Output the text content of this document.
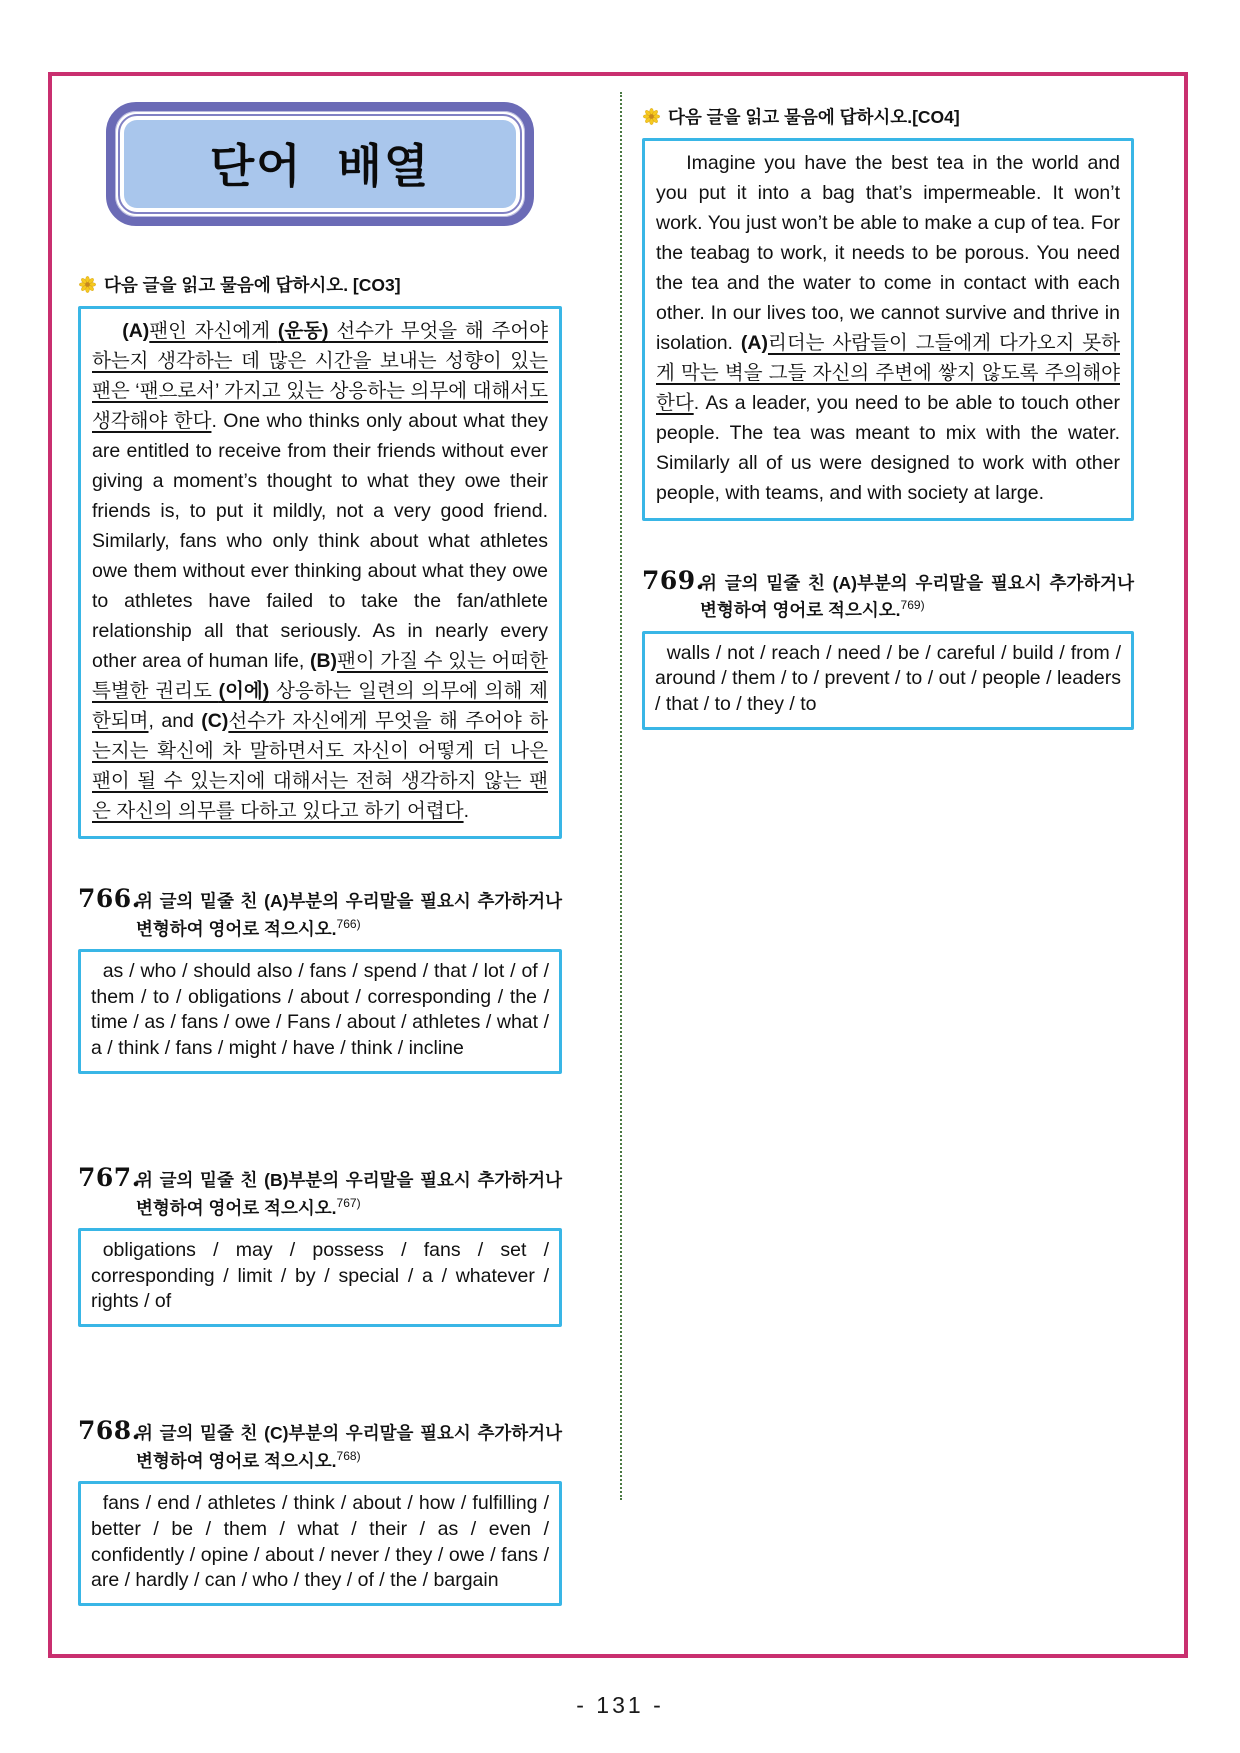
단어 배열
다음 글을 읽고 물음에 답하시오. [CO3]

(A)팬인 자신에게 (운동) 선수가 무엇을 해 주어야 하는지 생각하는 데 많은 시간을 보내는 성향이 있는 팬은 ‘팬으로서’ 가지고 있는 상응하는 의무에 대해서도 생각해야 한다. One who thinks only about what they are entitled to receive from their friends without ever giving a moment’s thought to what they owe their friends is, to put it mildly, not a very good friend. Similarly, fans who only think about what athletes owe them without ever thinking about what they owe to athletes have failed to take the fan/athlete relationship all that seriously. As in nearly every other area of human life, (B)팬이 가질 수 있는 어떠한 특별한 권리도 (이에) 상응하는 일련의 의무에 의해 제한되며, and (C)선수가 자신에게 무엇을 해 주어야 하는지는 확신에 차 말하면서도 자신이 어떻게 더 나은 팬이 될 수 있는지에 대해서는 전혀 생각하지 않는 팬은 자신의 의무를 다하고 있다고 하기 어렵다.

766.
위 글의 밑줄 친 (A)부분의 우리말을 필요시 추가하거나 변형하여 영어로 적으시오.$^{766)}$

as / who / should also / fans / spend / that / lot / of / them / to / obligations / about / corresponding / the / time / as / fans / owe / Fans / about / athletes / what / a / think / fans / might / have / think / incline

767.
위 글의 밑줄 친 (B)부분의 우리말을 필요시 추가하거나 변형하여 영어로 적으시오.$^{767)}$

obligations / may / possess / fans / set / corresponding / limit / by / special / a / whatever / rights / of

768.
위 글의 밑줄 친 (C)부분의 우리말을 필요시 추가하거나 변형하여 영어로 적으시오.$^{768)}$

fans / end / athletes / think / about / how / fulfilling / better / be / them / what / their / as / even / confidently / opine / about / never / they / owe / fans / are / hardly / can / who / they / of / the / bargain

다음 글을 읽고 물음에 답하시오.[CO4]

Imagine you have the best tea in the world and you put it into a bag that’s impermeable. It won’t work. You just won’t be able to make a cup of tea. For the teabag to work, it needs to be porous. You need the tea and the water to come in contact with each other. In our lives too, we cannot survive and thrive in isolation. (A)리더는 사람들이 그들에게 다가오지 못하게 막는 벽을 그들 자신의 주변에 쌓지 않도록 주의해야 한다. As a leader, you need to be able to touch other people. The tea was meant to mix with the water. Similarly all of us were designed to work with other people, with teams, and with society at large.

769.
위 글의 밑줄 친 (A)부분의 우리말을 필요시 추가하거나 변형하여 영어로 적으시오.$^{769)}$

walls / not / reach / need / be / careful / build / from / around / them / to / prevent / to / out / people / leaders / that / to / they / to

- 131 -
